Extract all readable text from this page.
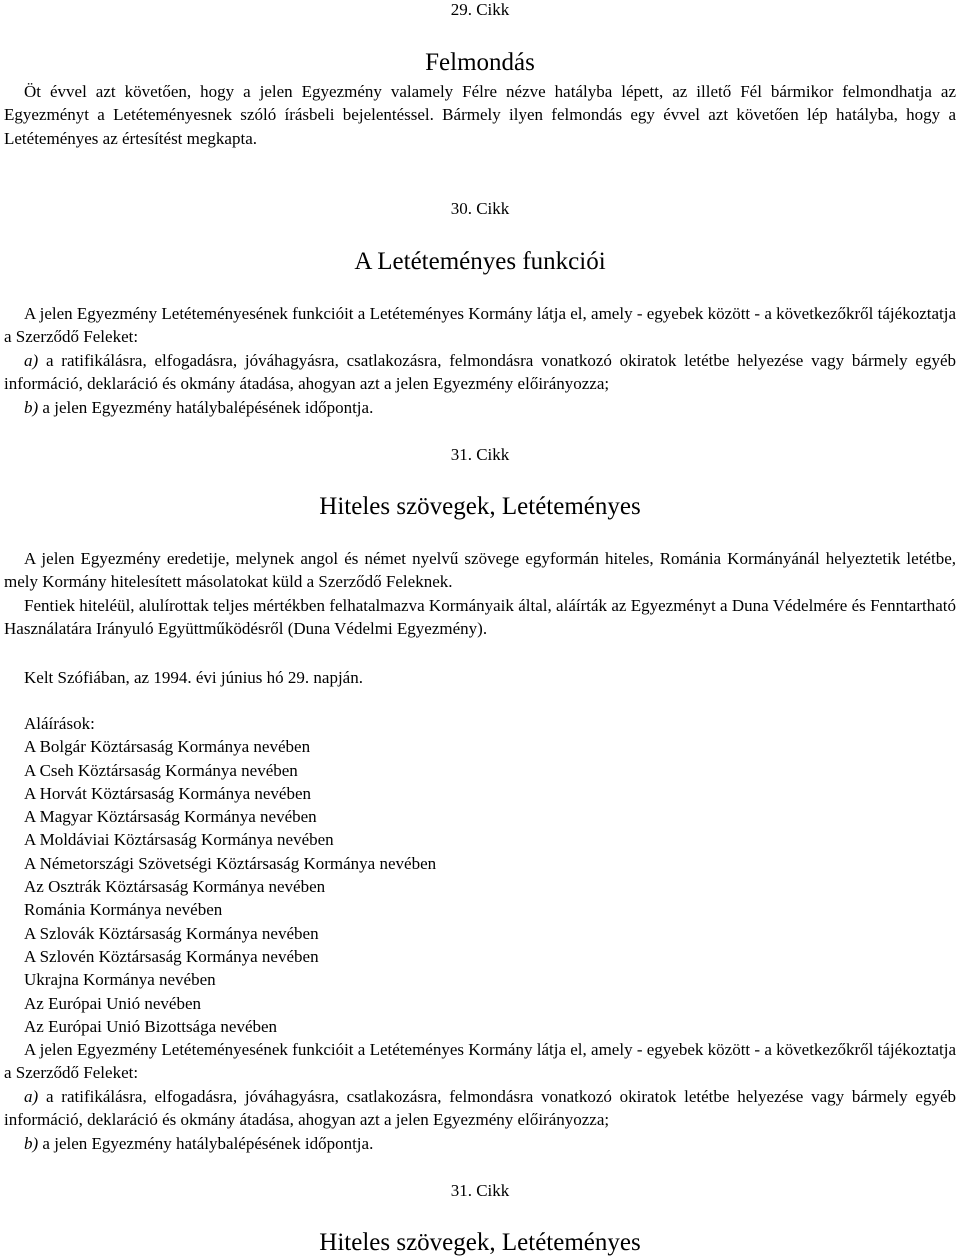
29. Cikk
Felmondás

Öt évvel azt követően, hogy a jelen Egyezmény valamely Félre nézve hatályba lépett, az illető Fél bármikor felmondhatja az Egyezményt a Letéteményesnek szóló írásbeli bejelentéssel. Bármely ilyen felmondás egy évvel azt követően lép hatályba, hogy a Letéteményes az értesítést megkapta.

30. Cikk
A Letéteményes funkciói

A jelen Egyezmény Letéteményesének funkcióit a Letéteményes Kormány látja el, amely - egyebek között - a következőkről tájékoztatja a Szerződő Feleket:

a) a ratifikálásra, elfogadásra, jóváhagyásra, csatlakozásra, felmondásra vonatkozó okiratok letétbe helyezése vagy bármely egyéb információ, deklaráció és okmány átadása, ahogyan azt a jelen Egyezmény előirányozza;

b) a jelen Egyezmény hatálybalépésének időpontja.

31. Cikk
Hiteles szövegek, Letéteményes

A jelen Egyezmény eredetije, melynek angol és német nyelvű szövege egyformán hiteles, Románia Kormányánál helyeztetik letétbe, mely Kormány hitelesített másolatokat küld a Szerződő Feleknek.

Fentiek hiteléül, alulírottak teljes mértékben felhatalmazva Kormányaik által, aláírták az Egyezményt a Duna Védelmére és Fenntartható Használatára Irányuló Együttműködésről (Duna Védelmi Egyezmény).

Kelt Szófiában, az 1994. évi június hó 29. napján.

Aláírások:

A Bolgár Köztársaság Kormánya nevében

A Cseh Köztársaság Kormánya nevében

A Horvát Köztársaság Kormánya nevében

A Magyar Köztársaság Kormánya nevében

A Moldáviai Köztársaság Kormánya nevében

A Németországi Szövetségi Köztársaság Kormánya nevében

Az Osztrák Köztársaság Kormánya nevében

Románia Kormánya nevében

A Szlovák Köztársaság Kormánya nevében

A Szlovén Köztársaság Kormánya nevében

Ukrajna Kormánya nevében

Az Európai Unió nevében

Az Európai Unió Bizottsága nevében

A jelen Egyezmény Letéteményesének funkcióit a Letéteményes Kormány látja el, amely - egyebek között - a következőkről tájékoztatja a Szerződő Feleket:

a) a ratifikálásra, elfogadásra, jóváhagyásra, csatlakozásra, felmondásra vonatkozó okiratok letétbe helyezése vagy bármely egyéb információ, deklaráció és okmány átadása, ahogyan azt a jelen Egyezmény előirányozza;

b) a jelen Egyezmény hatálybalépésének időpontja.

31. Cikk
Hiteles szövegek, Letéteményes
